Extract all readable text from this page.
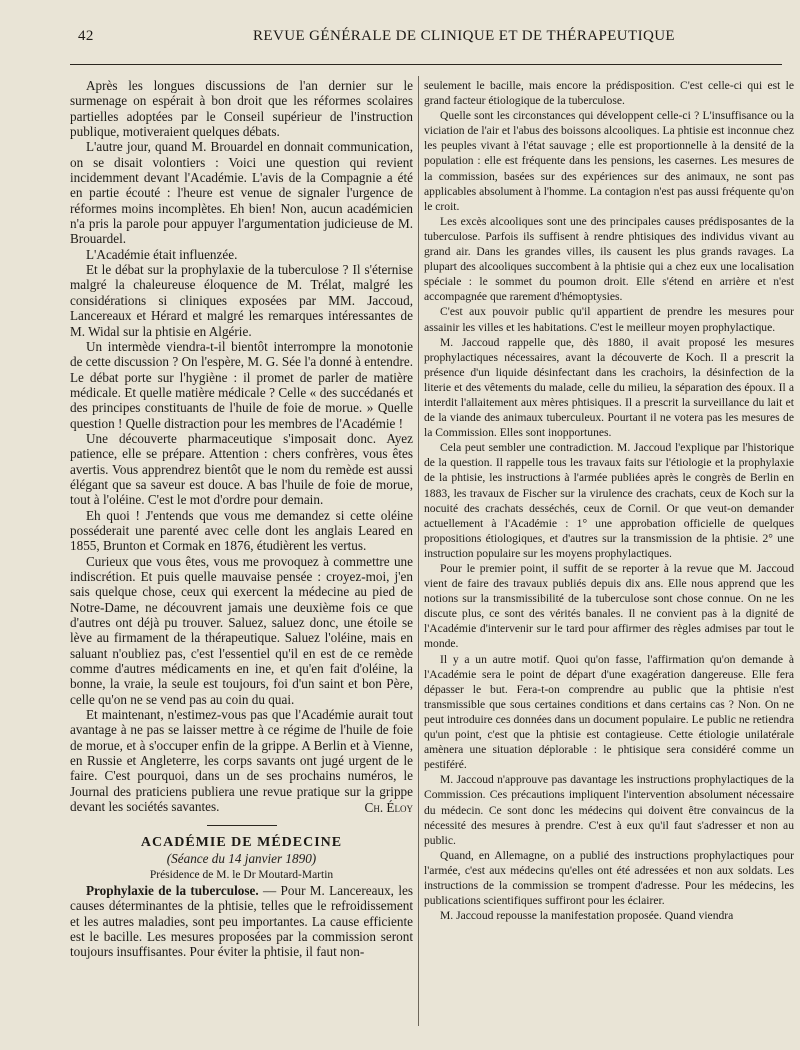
42	REVUE GÉNÉRALE DE CLINIQUE ET DE THÉRAPEUTIQUE

Après les longues discussions de l'an dernier sur le surmenage on espérait à bon droit que les réformes scolaires partielles adoptées par le Conseil supérieur de l'instruction publique, motiveraient quelques débats.

L'autre jour, quand M. Brouardel en donnait communication, on se disait volontiers : Voici une question qui revient incidemment devant l'Académie. L'avis de la Compagnie a été en partie écouté : l'heure est venue de signaler l'urgence de réformes moins incomplètes. Eh bien! Non, aucun académicien n'a pris la parole pour appuyer l'argumentation judicieuse de M. Brouardel.

L'Académie était influenzée.

Et le débat sur la prophylaxie de la tuberculose ? Il s'éternise malgré la chaleureuse éloquence de M. Trélat, malgré les considérations si cliniques exposées par MM. Jaccoud, Lancereaux et Hérard et malgré les remarques intéressantes de M. Widal sur la phtisie en Algérie.

Un intermède viendra-t-il bientôt interrompre la monotonie de cette discussion ? On l'espère, M. G. Sée l'a donné à entendre. Le débat porte sur l'hygiène : il promet de parler de matière médicale. Et quelle matière médicale ? Celle « des succédanés et des principes constituants de l'huile de foie de morue. » Quelle question ! Quelle distraction pour les membres de l'Académie !

Une découverte pharmaceutique s'imposait donc. Ayez patience, elle se prépare. Attention : chers confrères, vous êtes avertis. Vous apprendrez bientôt que le nom du remède est aussi élégant que sa saveur est douce. A bas l'huile de foie de morue, tout à l'oléine. C'est le mot d'ordre pour demain.

Eh quoi ! J'entends que vous me demandez si cette oléine posséderait une parenté avec celle dont les anglais Leared en 1855, Brunton et Cormak en 1876, étudièrent les vertus.

Curieux que vous êtes, vous me provoquez à commettre une indiscrétion. Et puis quelle mauvaise pensée : croyez-moi, j'en sais quelque chose, ceux qui exercent la médecine au pied de Notre-Dame, ne découvrent jamais une deuxième fois ce que d'autres ont déjà pu trouver. Saluez, saluez donc, une étoile se lève au firmament de la thérapeutique. Saluez l'oléine, mais en saluant n'oubliez pas, c'est l'essentiel qu'il en est de ce remède comme d'autres médicaments en ine, et qu'en fait d'oléine, la bonne, la vraie, la seule est toujours, foi d'un saint et bon Père, celle qu'on ne se vend pas au coin du quai.

Et maintenant, n'estimez-vous pas que l'Académie aurait tout avantage à ne pas se laisser mettre à ce régime de l'huile de foie de morue, et à s'occuper enfin de la grippe. A Berlin et à Vienne, en Russie et Angleterre, les corps savants ont jugé urgent de le faire. C'est pourquoi, dans un de ses prochains numéros, le Journal des praticiens publiera une revue pratique sur la grippe devant les sociétés savantes.	Ch. Éloy

ACADÉMIE DE MÉDECINE

(Séance du 14 janvier 1890)

Présidence de M. le Dr Moutard-Martin

Prophylaxie de la tuberculose. — Pour M. Lancereaux, les causes déterminantes de la phtisie, telles que le refroidissement et les autres maladies, sont peu importantes. La cause efficiente est le bacille. Les mesures proposées par la commission seront toujours insuffisantes. Pour éviter la phtisie, il faut non-

seulement le bacille, mais encore la prédisposition. C'est celle-ci qui est le grand facteur étiologique de la tuberculose.

Quelle sont les circonstances qui développent celle-ci ? L'insuffisance ou la viciation de l'air et l'abus des boissons alcooliques. La phtisie est inconnue chez les peuples vivant à l'état sauvage ; elle est proportionnelle à la densité de la population : elle est fréquente dans les pensions, les casernes. Les mesures de la commission, basées sur des expériences sur des animaux, ne sont pas applicables absolument à l'homme. La contagion n'est pas aussi fréquente qu'on le croit.

Les excès alcooliques sont une des principales causes prédisposantes de la tuberculose. Parfois ils suffisent à rendre phtisiques des individus vivant au grand air. Dans les grandes villes, ils causent les plus grands ravages. La plupart des alcooliques succombent à la phtisie qui a chez eux une localisation spéciale : le sommet du poumon droit. Elle s'étend en arrière et n'est accompagnée que rarement d'hémoptysies.

C'est aux pouvoir public qu'il appartient de prendre les mesures pour assainir les villes et les habitations. C'est le meilleur moyen prophylactique.

M. Jaccoud rappelle que, dès 1880, il avait proposé les mesures prophylactiques nécessaires, avant la découverte de Koch. Il a prescrit la présence d'un liquide désinfectant dans les crachoirs, la désinfection de la literie et des vêtements du malade, celle du milieu, la séparation des époux. Il a interdit l'allaitement aux mères phtisiques. Il a prescrit la surveillance du lait et de la viande des animaux tuberculeux. Pourtant il ne votera pas les mesures de la Commission. Elles sont inopportunes.

Cela peut sembler une contradiction. M. Jaccoud l'explique par l'historique de la question. Il rappelle tous les travaux faits sur l'étiologie et la prophylaxie de la phtisie, les instructions à l'armée publiées après le congrès de Berlin en 1883, les travaux de Fischer sur la virulence des crachats, ceux de Koch sur la nocuité des crachats desséchés, ceux de Cornil. Or que veut-on demander actuellement à l'Académie : 1° une approbation officielle de quelques propositions étiologiques, et d'autres sur la transmission de la phtisie. 2° une instruction populaire sur les moyens prophylactiques.

Pour le premier point, il suffit de se reporter à la revue que M. Jaccoud vient de faire des travaux publiés depuis dix ans. Elle nous apprend que les notions sur la transmissibilité de la tuberculose sont chose connue. On ne les discute plus, ce sont des vérités banales. Il ne convient pas à la dignité de l'Académie d'intervenir sur le tard pour affirmer des règles admises par tout le monde.

Il y a un autre motif. Quoi qu'on fasse, l'affirmation qu'on demande à l'Académie sera le point de départ d'une exagération dangereuse. Elle fera dépasser le but. Fera-t-on comprendre au public que la phtisie n'est transmissible que sous certaines conditions et dans certains cas ? Non. On ne peut introduire ces données dans un document populaire. Le public ne retiendra qu'un point, c'est que la phtisie est contagieuse. Cette étiologie unilatérale amènera une situation déplorable : le phtisique sera considéré comme un pestiféré.

M. Jaccoud n'approuve pas davantage les instructions prophylactiques de la Commission. Ces précautions impliquent l'intervention absolument nécessaire du médecin. Ce sont donc les médecins qui doivent être convaincus de la nécessité des mesures à prendre. C'est à eux qu'il faut s'adresser et non au public.

Quand, en Allemagne, on a publié des instructions prophylactiques pour l'armée, c'est aux médecins qu'elles ont été adressées et non aux soldats. Les instructions de la commission se trompent d'adresse. Pour les médecins, les publications scientifiques suffiront pour les éclairer.

M. Jaccoud repousse la manifestation proposée. Quand viendra
